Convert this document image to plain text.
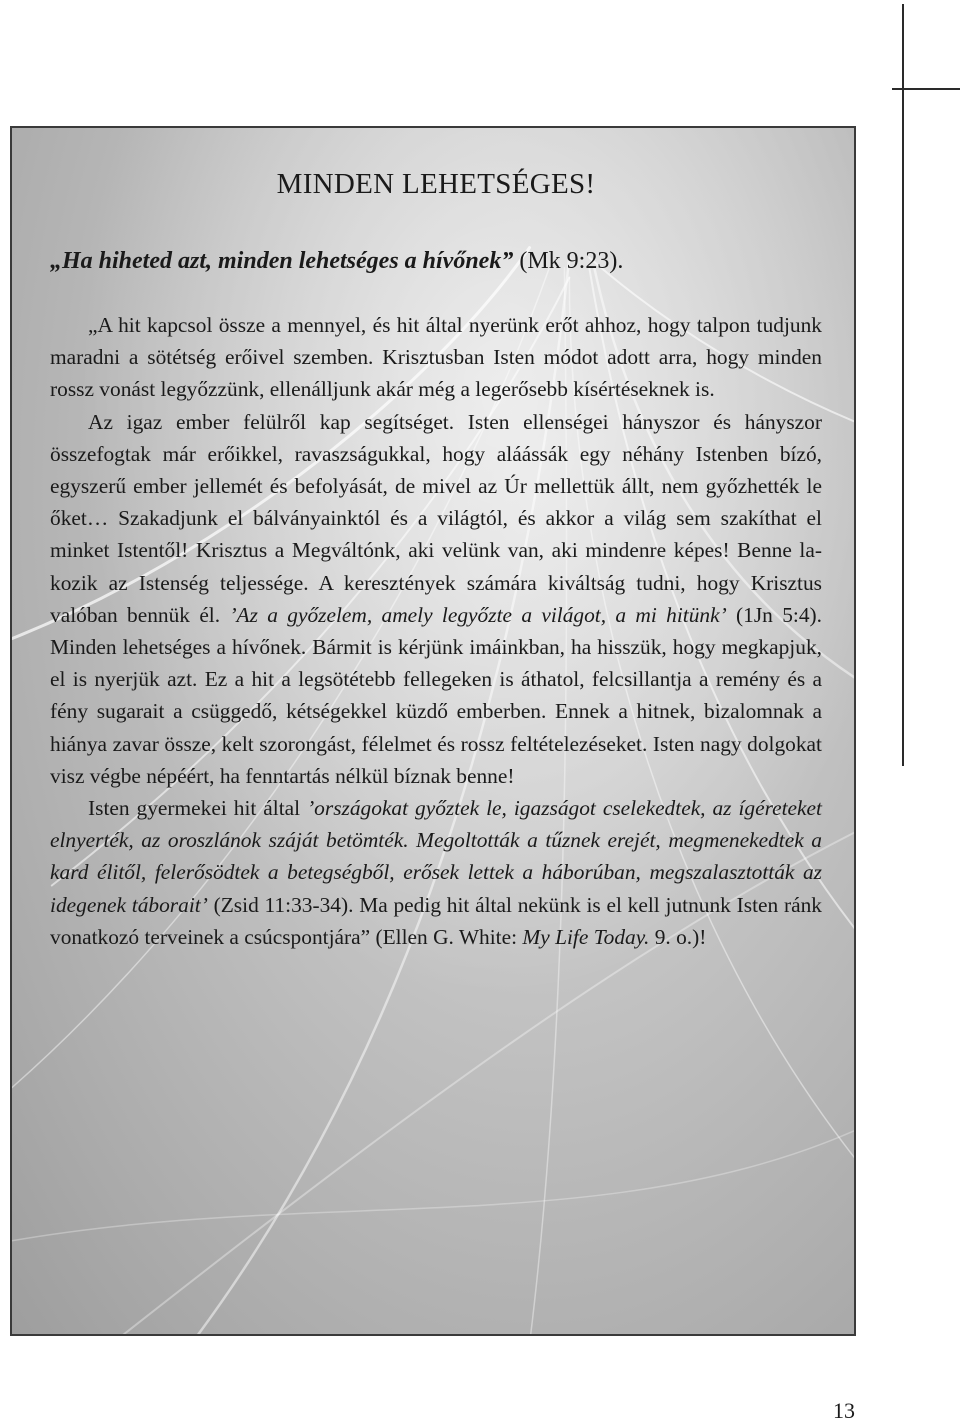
MINDEN LEHETSÉGES!

„Ha hiheted azt, minden lehetséges a hívőnek” (Mk 9:23).

„A hit kapcsol össze a mennyel, és hit által nyerünk erőt ahhoz, hogy talpon tudjunk maradni a sötétség erőivel szemben. Krisztusban Isten módot adott arra, hogy minden rossz vonást legyőzzünk, ellenálljunk akár még a legerősebb kísértéseknek is.

Az igaz ember felülről kap segítséget. Isten ellenségei hányszor és hányszor összefogtak már erőikkel, ravaszságukkal, hogy aláássák egy néhány Istenben bízó, egyszerű ember jellemét és befolyását, de mivel az Úr mellettük állt, nem győzhették le őket… Szakadjunk el bálványainktól és a világtól, és akkor a világ sem szakíthat el minket Istentől! Krisztus a Megváltónk, aki velünk van, aki mindenre képes! Benne lakozik az Istenség teljessége. A keresztények számára kiváltság tudni, hogy Krisztus valóban bennük él. ’Az a győzelem, amely legyőzte a világot, a mi hitünk’ (1Jn 5:4). Minden lehetséges a hívőnek. Bármit is kérjünk imáinkban, ha hisszük, hogy megkapjuk, el is nyerjük azt. Ez a hit a legsötétebb fellegeken is áthatol, felcsillantja a remény és a fény sugarait a csüggedő, kétségekkel küzdő emberben. Ennek a hitnek, bizalomnak a hiánya zavar össze, kelt szorongást, félelmet és rossz feltételezéseket. Isten nagy dolgokat visz végbe népéért, ha fenntartás nélkül bíznak benne!

Isten gyermekei hit által ’országokat győztek le, igazságot cselekedtek, az ígéreteket elnyerték, az oroszlánok száját betömték. Megoltották a tűznek erejét, megmenekedtek a kard élitől, felerősödtek a betegségből, erősek lettek a háborúban, megszalasztották az idegenek táborait’ (Zsid 11:33-34). Ma pedig hit által nekünk is el kell jutnunk Isten ránk vonatkozó terveinek a csúcspontjára” (Ellen G. White: My Life Today. 9. o.)!

13
